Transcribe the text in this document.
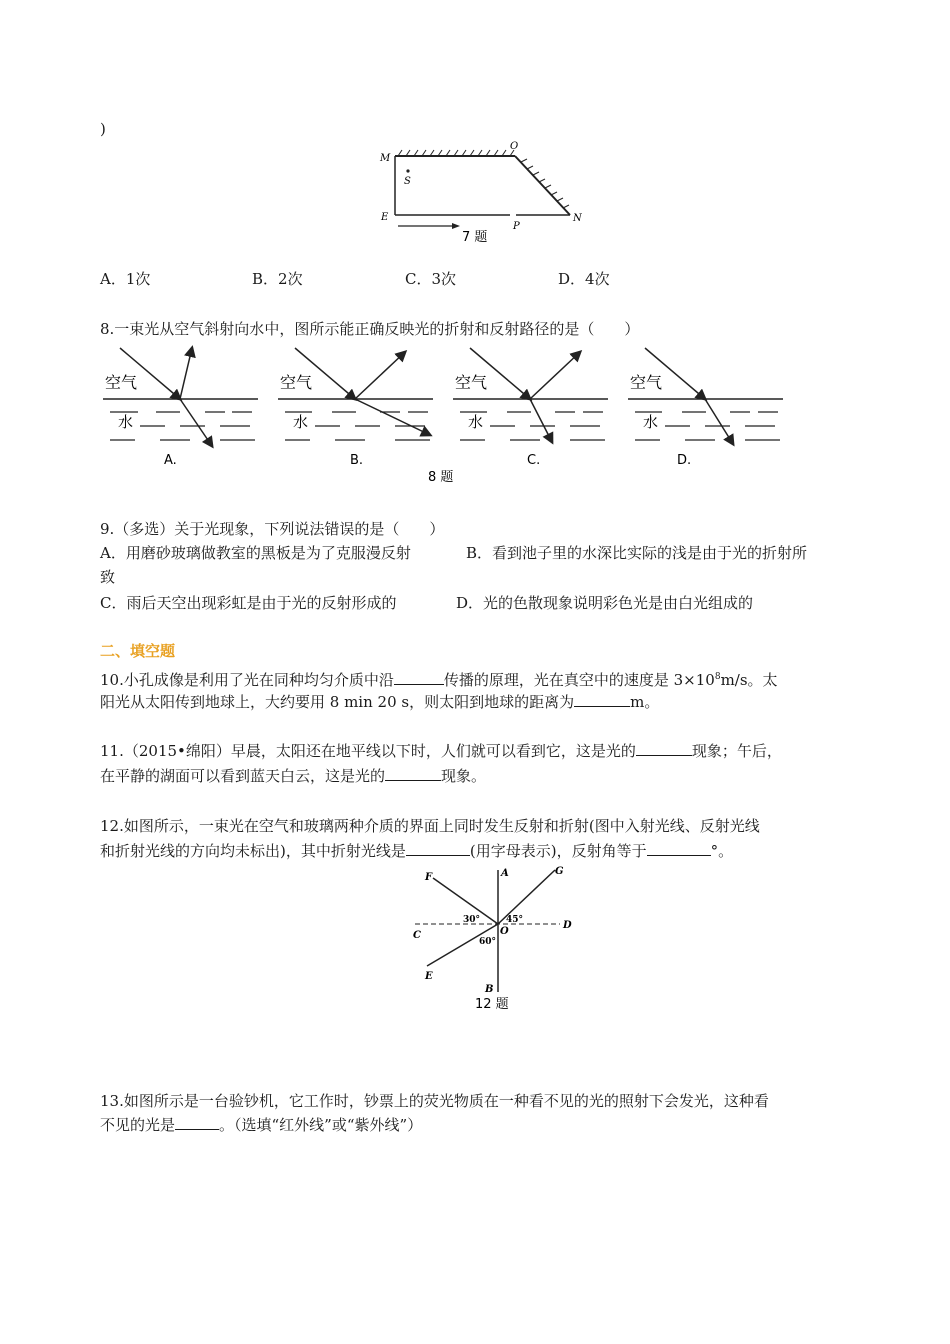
)
M
O
S
E
P
N
7 题
A．1次	B．2次	C．3次	D．4次
8.一束光从空气斜射向水中，图所示能正确反映光的折射和反射路径的是（　　）
空气
水
A.
空气
水
B.
空气
水
C.
空气
水
D.
8 题
9.（多选）关于光现象，下列说法错误的是（　　）
A．用磨砂玻璃做教室的黑板是为了克服漫反射	B．看到池子里的水深比实际的浅是由于光的折射所
致
C．雨后天空出现彩虹是由于光的反射形成的	D．光的色散现象说明彩色光是由白光组成的
二、填空题
10.小孔成像是利用了光在同种均匀介质中沿	传播的原理，光在真空中的速度是 $3\times 10^8m/s$。太
阳光从太阳传到地球上，大约要用 8 min 20 s，则太阳到地球的距离为	m。
11.（2015•绵阳）早晨，太阳还在地平线以下时，人们就可以看到它，这是光的	现象；午后，
在平静的湖面可以看到蓝天白云，这是光的	现象。
12.如图所示，一束光在空气和玻璃两种介质的界面上同时发生反射和折射(图中入射光线、反射光线
和折射光线的方向均未标出)，其中折射光线是	(用字母表示)，反射角等于	°。
A
B
C
D
E
F
G
O
30°	45°
60°
12 题
13.如图所示是一台验钞机，它工作时，钞票上的荧光物质在一种看不见的光的照射下会发光，这种看
不见的光是	。（选填“红外线”或“紫外线”）
